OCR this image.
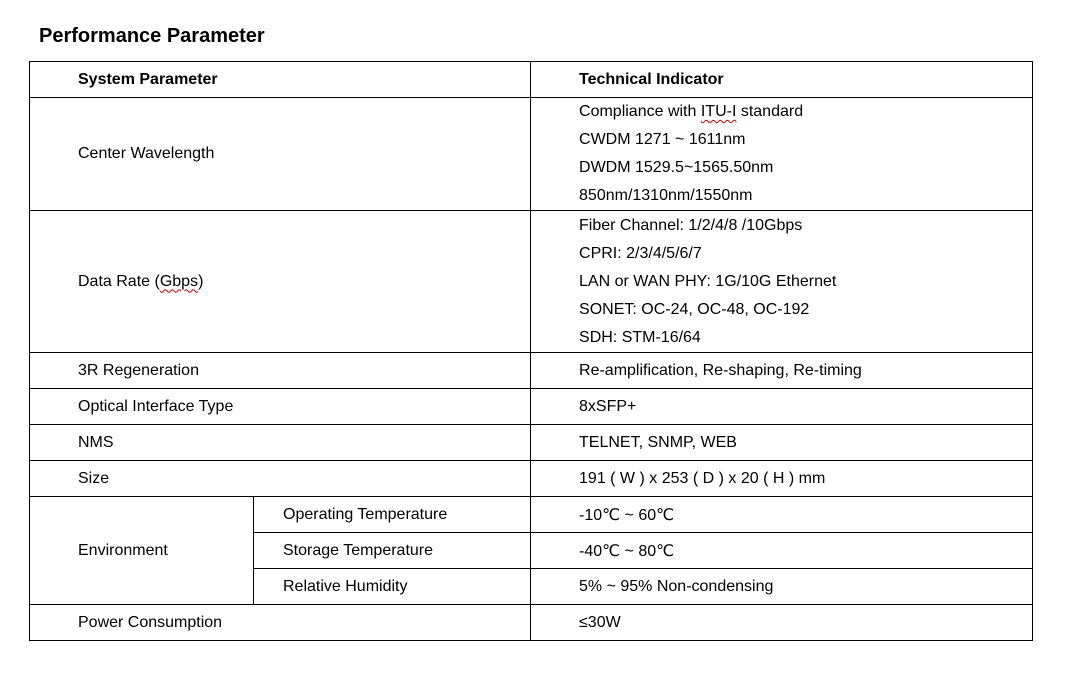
Performance Parameter
System Parameter		Technical Indicator
Center Wavelength		Compliance with ITU-I standard
CWDM 1271 ~ 1611nm
DWDM 1529.5~1565.50nm
850nm/1310nm/1550nm

Data Rate (Gbps)		Fiber Channel: 1/2/4/8 /10Gbps
CPRI: 2/3/4/5/6/7
LAN or WAN PHY: 1G/10G Ethernet
SONET: OC-24, OC-48, OC-192
SDH: STM-16/64

3R Regeneration		Re-amplification, Re-shaping, Re-timing
Optical Interface Type		8xSFP+
NMS		TELNET, SNMP, WEB
Size		191 ( W ) x 253 ( D ) x 20 ( H ) mm
Environment	Operating Temperature	-10℃ ~ 60℃
	Storage Temperature	-40℃ ~ 80℃
	Relative Humidity	5% ~ 95% Non-condensing
Power Consumption		≤30W
